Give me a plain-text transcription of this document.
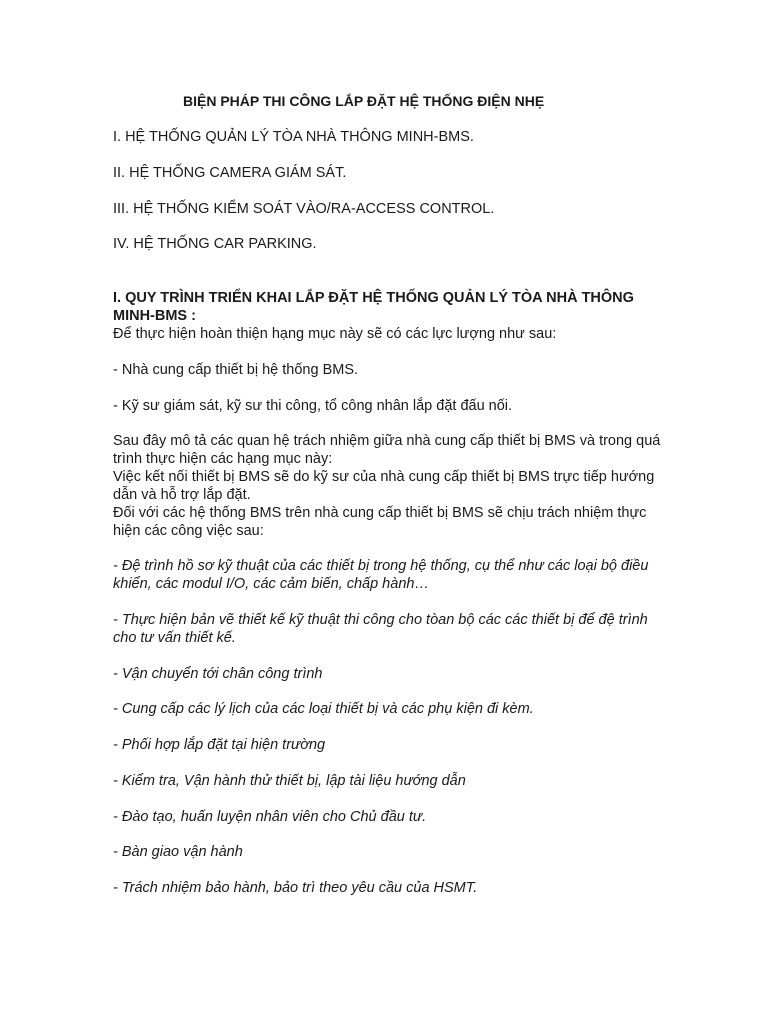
BIỆN PHÁP THI CÔNG LẮP ĐẶT HỆ THỐNG ĐIỆN NHẸ
I. HỆ THỐNG QUẢN LÝ TÒA NHÀ THÔNG MINH-BMS.
II. HỆ THỐNG CAMERA GIÁM SÁT.
III. HỆ THỐNG KIỂM SOÁT VÀO/RA-ACCESS CONTROL.
IV. HỆ THỐNG CAR PARKING.
I. QUY TRÌNH TRIỂN KHAI LẮP ĐẶT HỆ THỐNG QUẢN LÝ TÒA NHÀ THÔNG MINH-BMS :
Để thực hiện hoàn thiện hạng mục này sẽ có các lực lượng như sau:
- Nhà cung cấp thiết bị hệ thống BMS.
- Kỹ sư giám sát, kỹ sư thi công, tổ công nhân lắp đặt đấu nối.
Sau đây mô tả các quan hệ trách nhiệm giữa nhà cung cấp thiết bị BMS và trong quá trình thực hiện các hạng mục này:
Việc kết nối thiết bị BMS sẽ do kỹ sư của nhà cung cấp thiết bị BMS trực tiếp hướng dẫn và hỗ trợ lắp đặt.
Đối với các hệ thống BMS trên nhà cung cấp thiết bị BMS sẽ chịu trách nhiệm thực hiện các công việc sau:
- Đệ trình hồ sơ kỹ thuật của các thiết bị trong hệ thống, cụ thể như các loại bộ điều khiển, các modul I/O, các cảm biến, chấp hành…
- Thực hiện bản vẽ thiết kế kỹ thuật thi công cho tòan bộ các các thiết bị để đệ trình cho tư vấn thiết kế.
- Vận chuyển tới chân công trình
- Cung cấp các lý lịch của các loại thiết bị và các phụ kiện đi kèm.
- Phối hợp lắp đặt tại hiện trường
- Kiểm tra, Vận hành thử thiết bị, lập tài liệu hướng dẫn
- Đào tạo, huấn luyện nhân viên cho Chủ đầu tư.
- Bàn giao vận hành
- Trách nhiệm bảo hành, bảo trì theo yêu cầu của HSMT.
